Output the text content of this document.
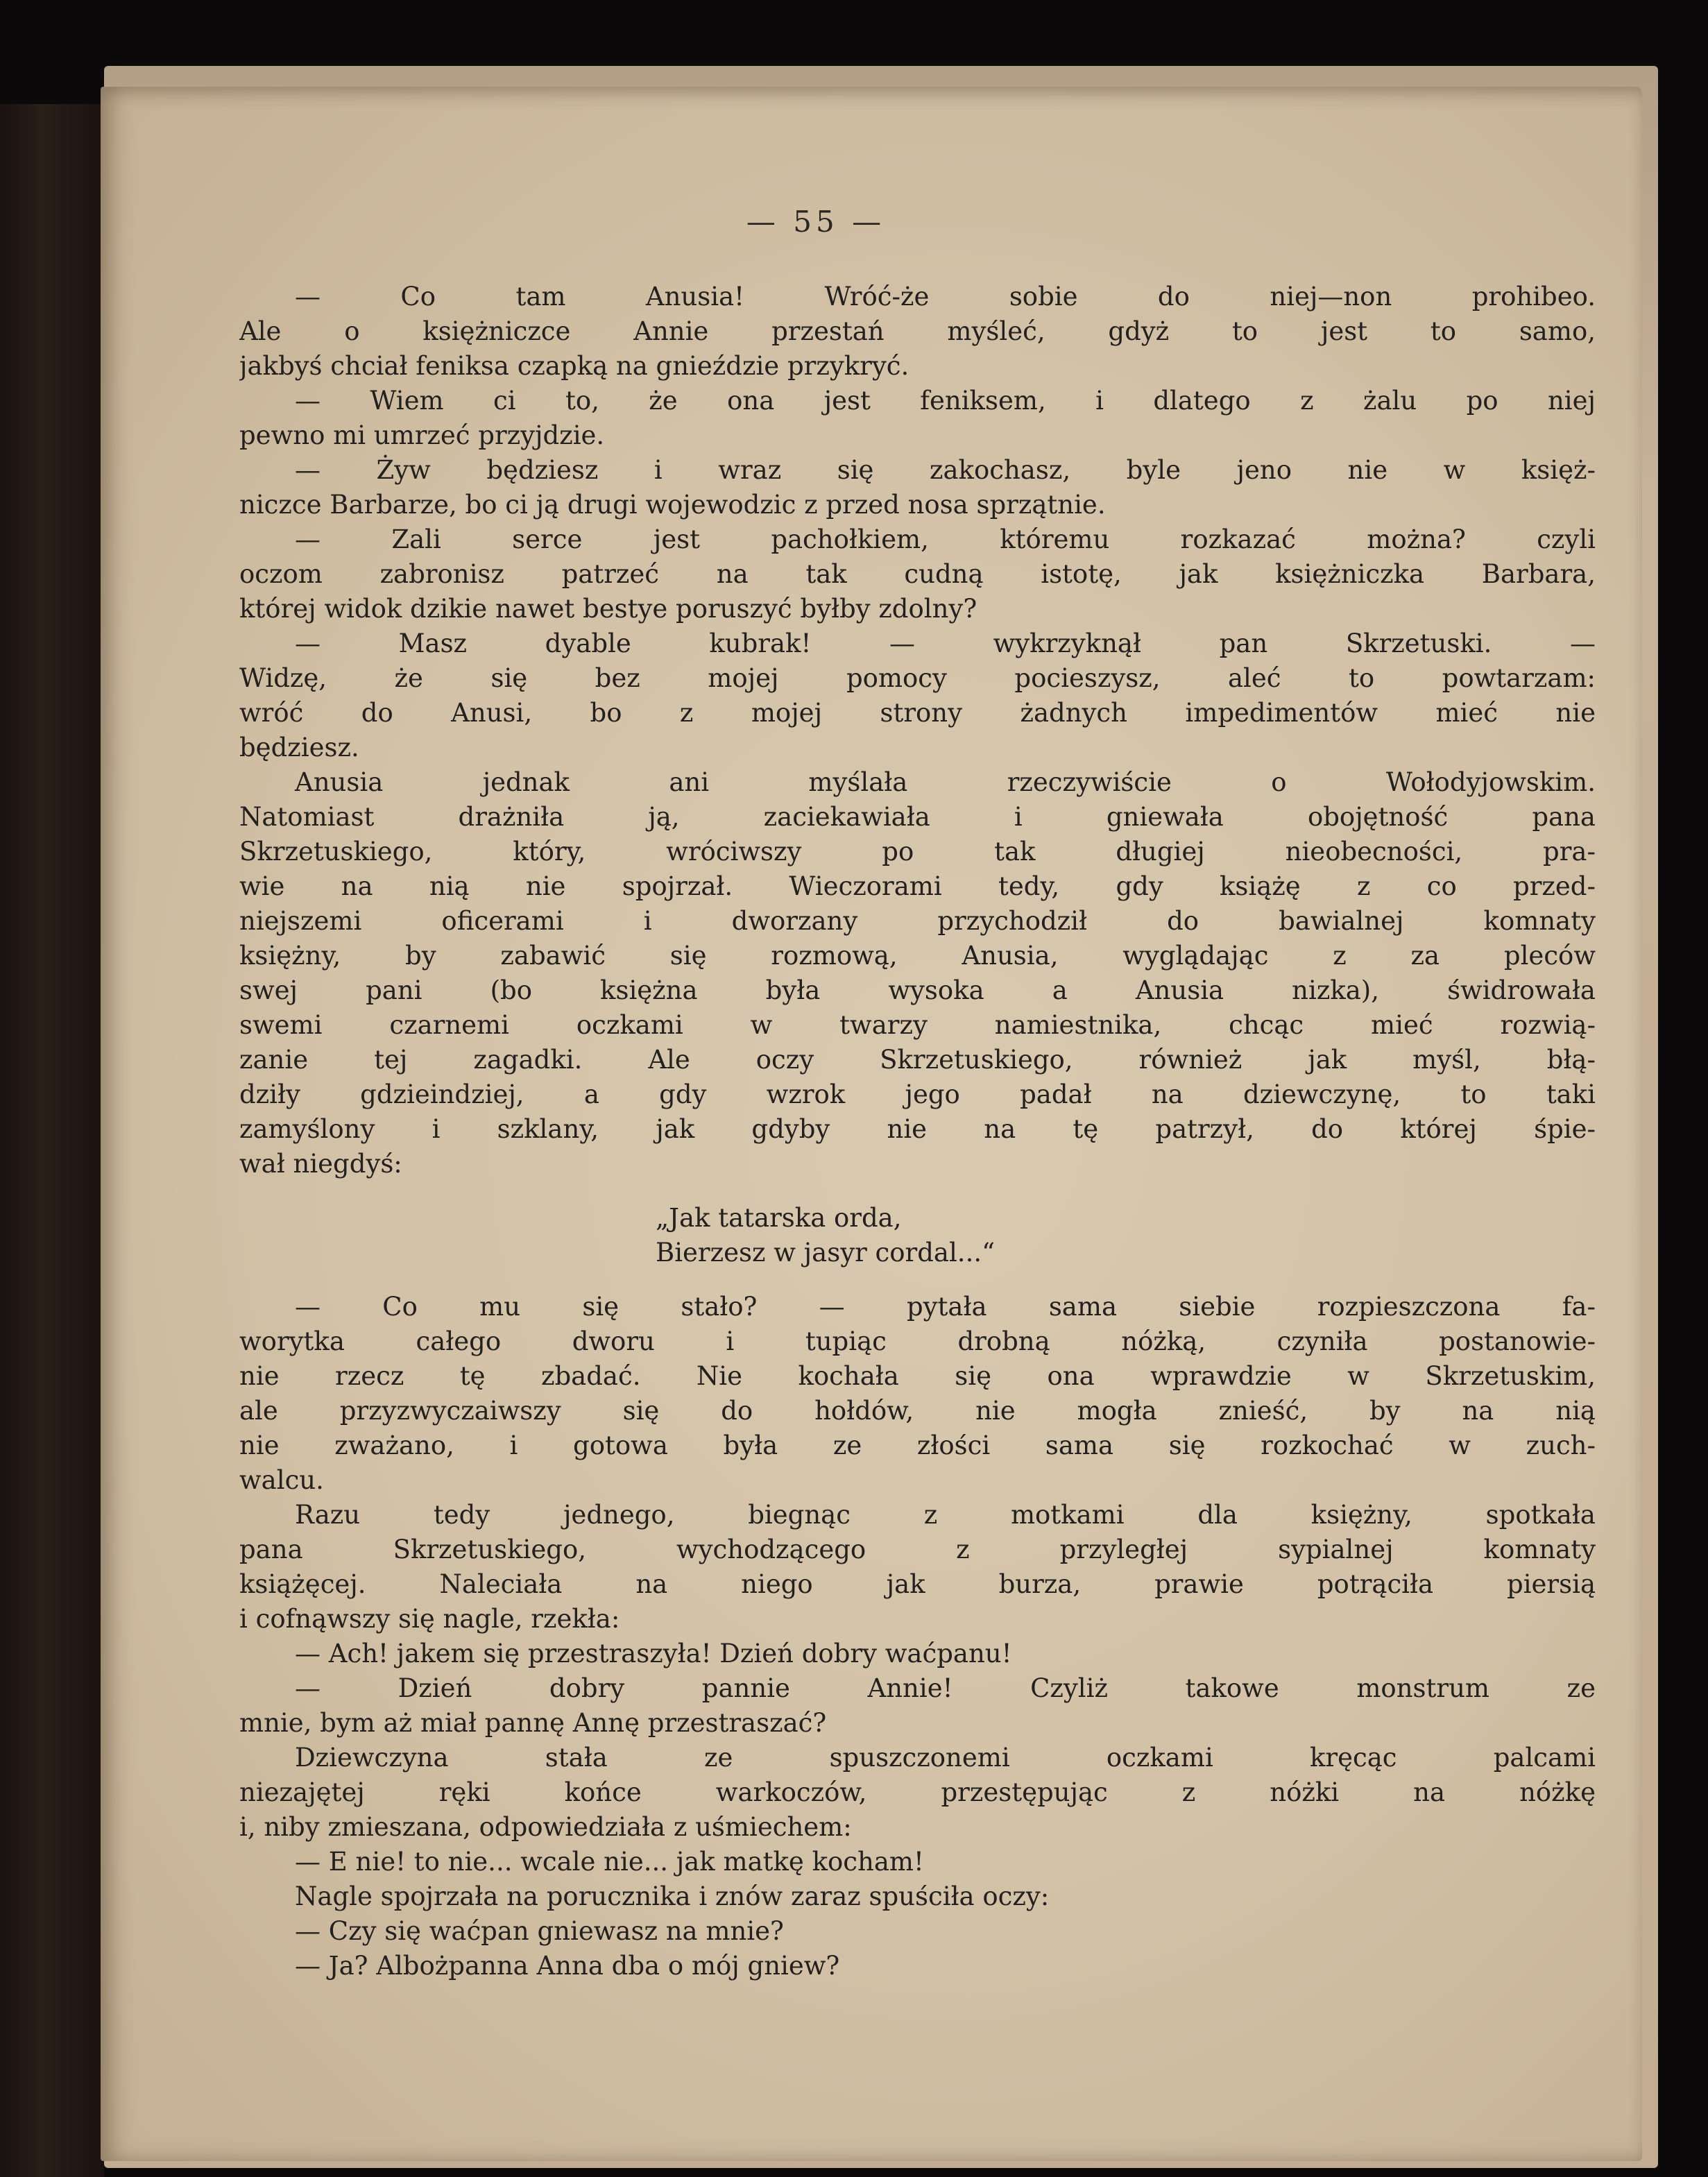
— 55 —
— Co tam Anusia! Wróć-że sobie do niej—non prohibeo.
Ale o księżniczce Annie przestań myśleć, gdyż to jest to samo,
jakbyś chciał feniksa czapką na gnieździe przykryć.
— Wiem ci to, że ona jest feniksem, i dlatego z żalu po niej
pewno mi umrzeć przyjdzie.
— Żyw będziesz i wraz się zakochasz, byle jeno nie w księż-
niczce Barbarze, bo ci ją drugi wojewodzic z przed nosa sprzątnie.
— Zali serce jest pachołkiem, któremu rozkazać można? czyli
oczom zabronisz patrzeć na tak cudną istotę, jak księżniczka Barbara,
której widok dzikie nawet bestye poruszyć byłby zdolny?
— Masz dyable kubrak! — wykrzyknął pan Skrzetuski. —
Widzę, że się bez mojej pomocy pocieszysz, aleć to powtarzam:
wróć do Anusi, bo z mojej strony żadnych impedimentów mieć nie
będziesz.
Anusia jednak ani myślała rzeczywiście o Wołodyjowskim.
Natomiast drażniła ją, zaciekawiała i gniewała obojętność pana
Skrzetuskiego, który, wróciwszy po tak długiej nieobecności, pra-
wie na nią nie spojrzał. Wieczorami tedy, gdy książę z co przed-
niejszemi oficerami i dworzany przychodził do bawialnej komnaty
księżny, by zabawić się rozmową, Anusia, wyglądając z za pleców
swej pani (bo księżna była wysoka a Anusia nizka), świdrowała
swemi czarnemi oczkami w twarzy namiestnika, chcąc mieć rozwią-
zanie tej zagadki. Ale oczy Skrzetuskiego, również jak myśl, błą-
dziły gdzieindziej, a gdy wzrok jego padał na dziewczynę, to taki
zamyślony i szklany, jak gdyby nie na tę patrzył, do której śpie-
wał niegdyś:
„Jak tatarska orda,
Bierzesz w jasyr cordal...“
— Co mu się stało? — pytała sama siebie rozpieszczona fa-
worytka całego dworu i tupiąc drobną nóżką, czyniła postanowie-
nie rzecz tę zbadać. Nie kochała się ona wprawdzie w Skrzetuskim,
ale przyzwyczaiwszy się do hołdów, nie mogła znieść, by na nią
nie zważano, i gotowa była ze złości sama się rozkochać w zuch-
walcu.
Razu tedy jednego, biegnąc z motkami dla księżny, spotkała
pana Skrzetuskiego, wychodzącego z przyległej sypialnej komnaty
książęcej. Naleciała na niego jak burza, prawie potrąciła piersią
i cofnąwszy się nagle, rzekła:
— Ach! jakem się przestraszyła! Dzień dobry waćpanu!
— Dzień dobry pannie Annie! Czyliż takowe monstrum ze
mnie, bym aż miał pannę Annę przestraszać?
Dziewczyna stała ze spuszczonemi oczkami kręcąc palcami
niezajętej ręki końce warkoczów, przestępując z nóżki na nóżkę
i, niby zmieszana, odpowiedziała z uśmiechem:
— E nie! to nie... wcale nie... jak matkę kocham!
Nagle spojrzała na porucznika i znów zaraz spuściła oczy:
— Czy się waćpan gniewasz na mnie?
— Ja? Albożpanna Anna dba o mój gniew?
